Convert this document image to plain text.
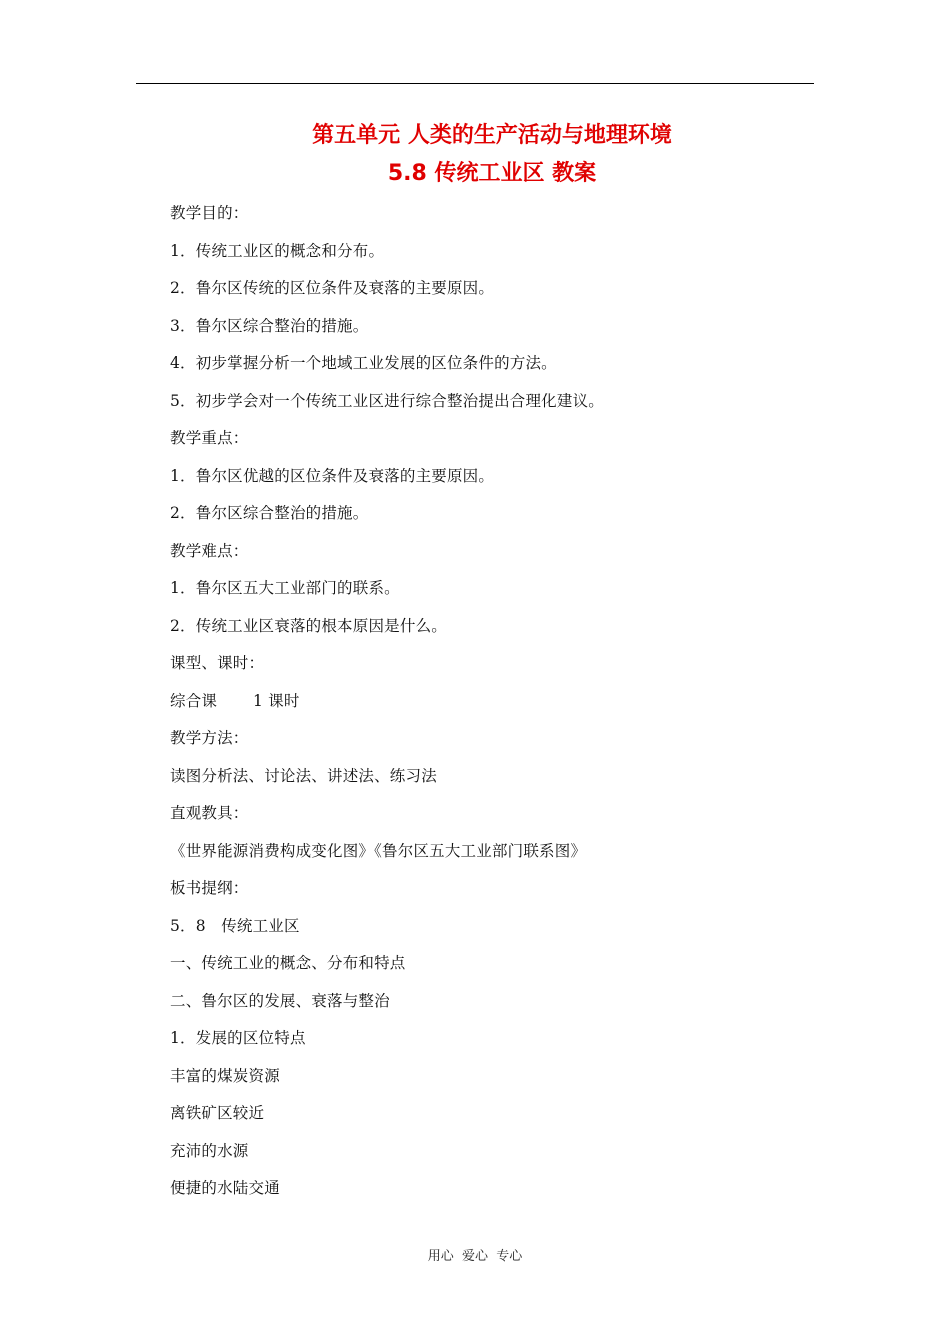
第五单元 人类的生产活动与地理环境
5.8 传统工业区 教案
教学目的：
1．传统工业区的概念和分布。
2．鲁尔区传统的区位条件及衰落的主要原因。
3．鲁尔区综合整治的措施。
4．初步掌握分析一个地域工业发展的区位条件的方法。
5．初步学会对一个传统工业区进行综合整治提出合理化建议。
教学重点：
1．鲁尔区优越的区位条件及衰落的主要原因。
2．鲁尔区综合整治的措施。
教学难点：
1．鲁尔区五大工业部门的联系。
2．传统工业区衰落的根本原因是什么。
课型、课时：
综合课       1 课时
教学方法：
读图分析法、讨论法、讲述法、练习法
直观教具：
《世界能源消费构成变化图》《鲁尔区五大工业部门联系图》
板书提纲：
5．8   传统工业区
一、传统工业的概念、分布和特点
二、鲁尔区的发展、衰落与整治
1．发展的区位特点
丰富的煤炭资源
离铁矿区较近
充沛的水源
便捷的水陆交通
用心  爱心  专心
